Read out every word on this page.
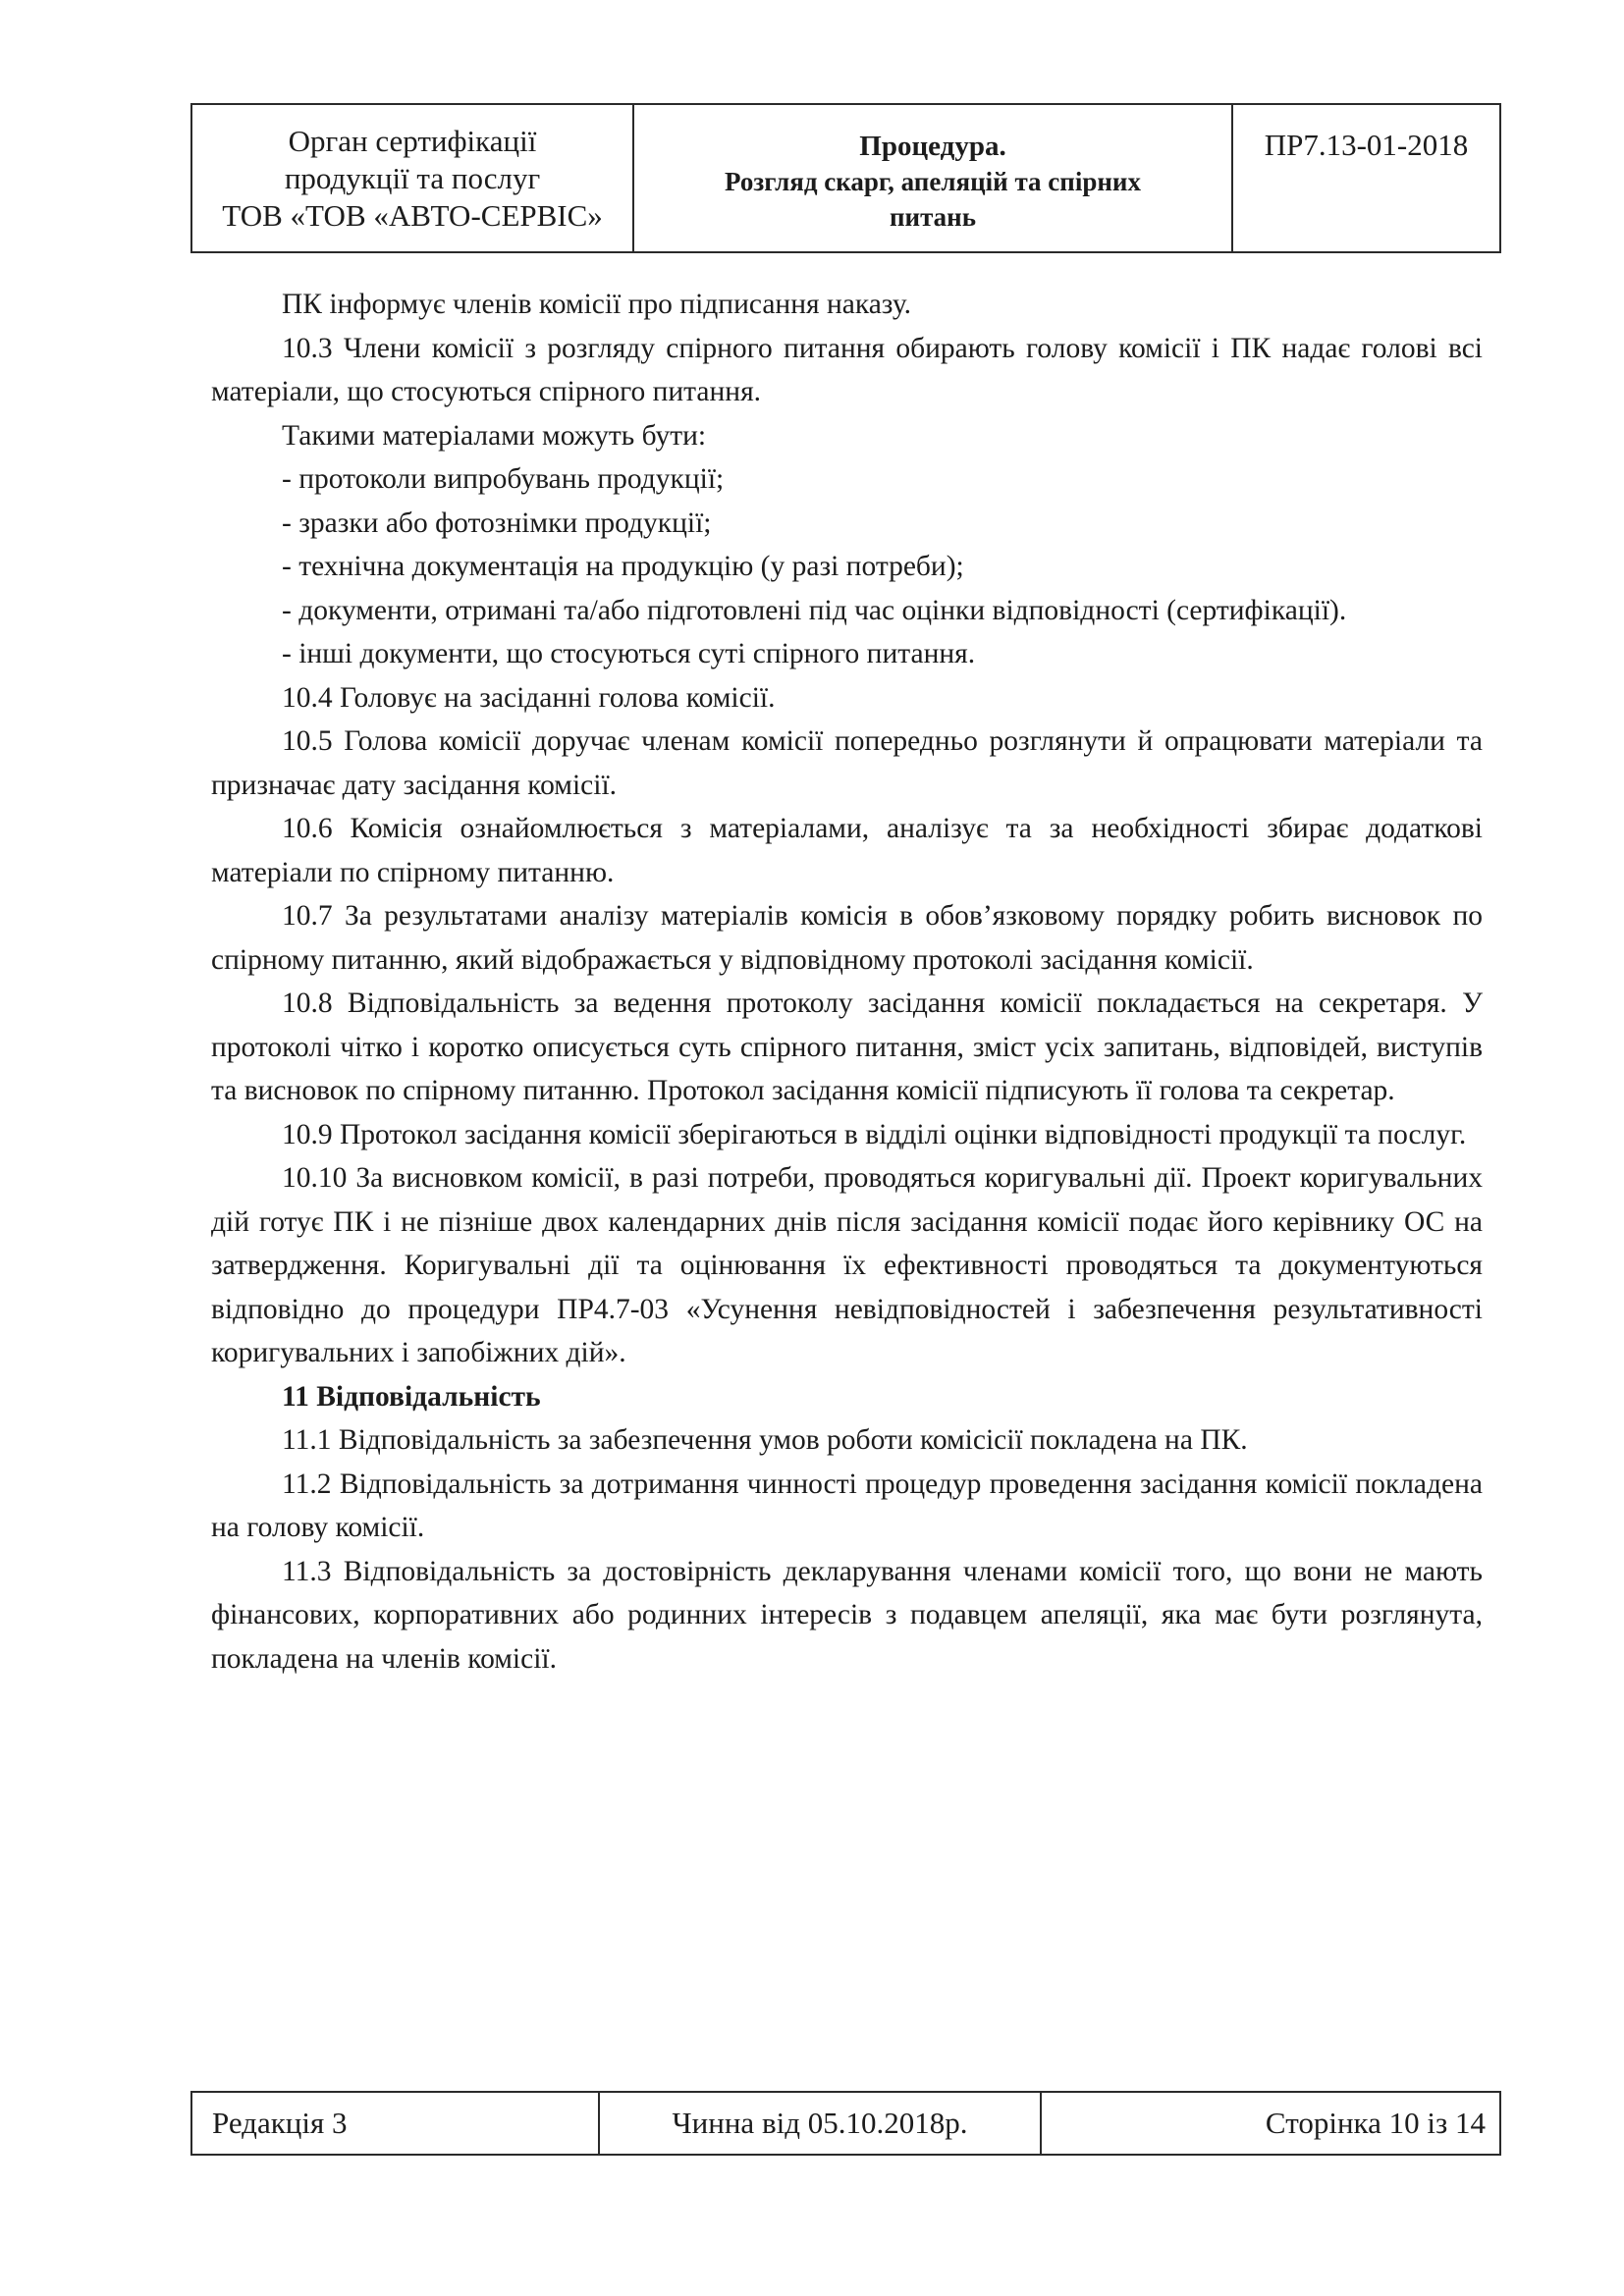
Орган сертифікації
продукції та послуг
ТОВ «ТОВ «АВТО-СЕРВІС»
Процедура.
Розгляд скарг, апеляцій та спірних
питань
ПР7.13-01-2018

ПК інформує членів комісії про підписання наказу.

10.3 Члени комісії з розгляду спірного питання обирають голову комісії і ПК надає голові всі матеріали, що стосуються спірного питання.

Такими матеріалами можуть бути:

- протоколи випробувань продукції;

- зразки або фотознімки продукції;

- технічна документація на продукцію (у разі потреби);

- документи, отримані та/або підготовлені під час оцінки відповідності (сертифікації).

- інші документи, що стосуються суті спірного питання.

10.4 Головує на засіданні голова комісії.

10.5 Голова комісії доручає членам комісії попередньо розглянути й опрацювати матеріали та призначає дату засідання комісії.

10.6 Комісія ознайомлюється з матеріалами, аналізує та за необхідності збирає додаткові матеріали по спірному питанню.

10.7 За результатами аналізу матеріалів комісія в обов’язковому порядку робить висновок по спірному питанню, який відображається у відповідному протоколі засідання комісії.

10.8 Відповідальність за ведення протоколу засідання комісії покладається на секретаря. У протоколі чітко і коротко описується суть спірного питання, зміст усіх запитань, відповідей, виступів та висновок по спірному питанню. Протокол засідання комісії підписують її голова та секретар.

10.9 Протокол засідання комісії зберігаються в відділі оцінки відповідності продукції та послуг.

10.10 За висновком комісії, в разі потреби, проводяться коригувальні дії. Проект коригувальних дій готує ПК і не пізніше двох календарних днів після засідання комісії подає його керівнику ОС на затвердження. Коригувальні дії та оцінювання їх ефективності проводяться та документуються відповідно до процедури ПР4.7-03 «Усунення невідповідностей і забезпечення результативності коригувальних і запобіжних дій».

11 Відповідальність

11.1 Відповідальність за забезпечення умов роботи комісісії покладена на ПК.

11.2 Відповідальність за дотримання чинності процедур проведення засідання комісії покладена на голову комісії.

11.3 Відповідальність за достовірність декларування членами комісії того, що вони не мають фінансових, корпоративних або родинних інтересів з подавцем апеляції, яка має бути розглянута, покладена на членів комісії.

Редакція 3	Чинна від 05.10.2018р.	Сторінка 10 із 14
